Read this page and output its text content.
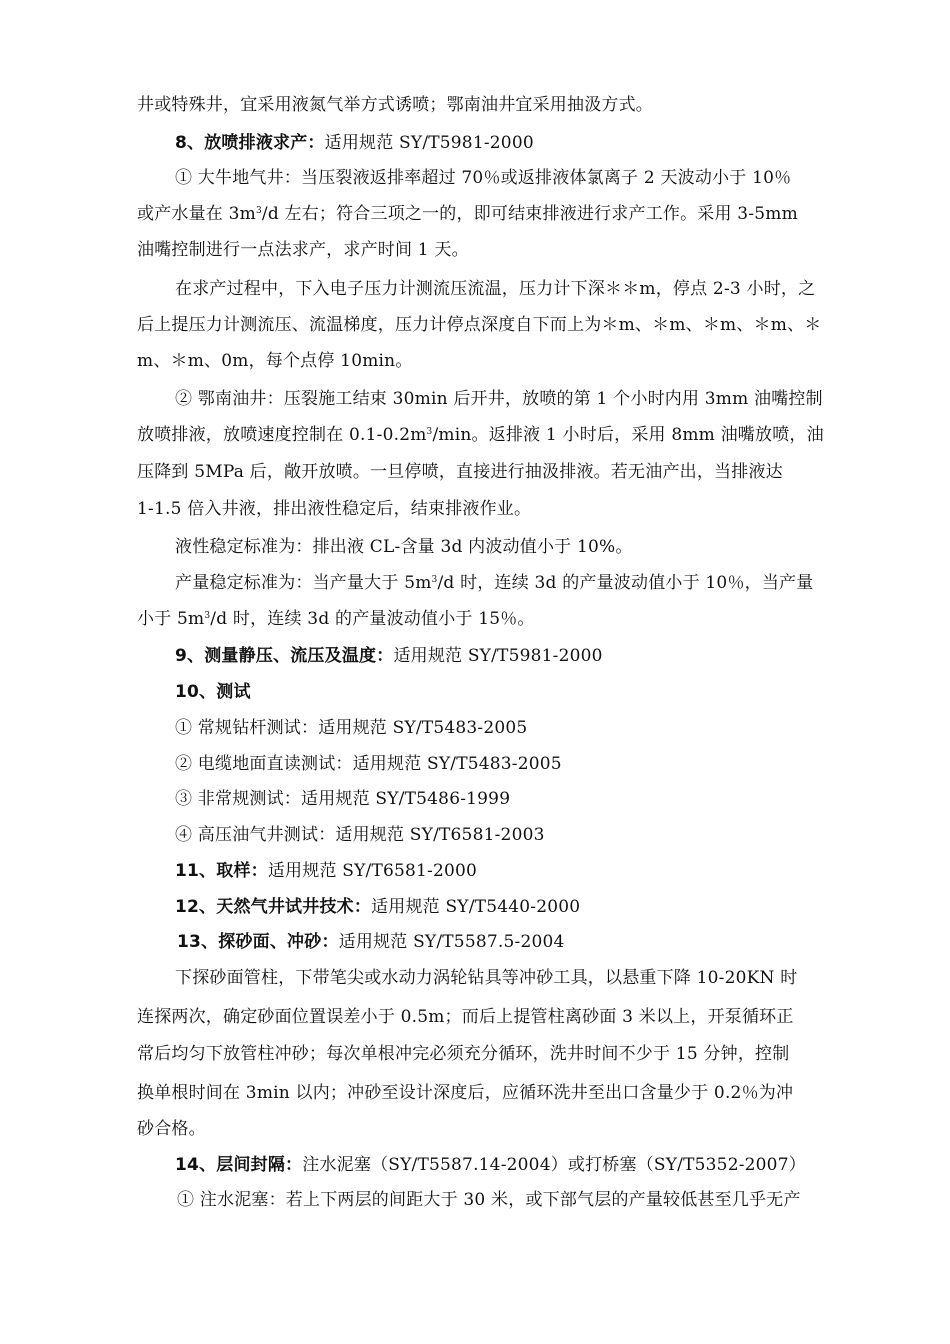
井或特殊井，宜采用液氮气举方式诱喷；鄂南油井宜采用抽汲方式。
8、放喷排液求产：适用规范 SY/T5981-2000
① 大牛地气井：当压裂液返排率超过 70％或返排液体氯离子 2 天波动小于 10％
或产水量在 $3m^3/d$ 左右；符合三项之一的，即可结束排液进行求产工作。采用 3-5mm
油嘴控制进行一点法求产，求产时间 1 天。
在求产过程中，下入电子压力计测流压流温，压力计下深＊＊m，停点 2-3 小时，之
后上提压力计测流压、流温梯度，压力计停点深度自下而上为＊m、＊m、＊m、＊m、＊
m、＊m、0m，每个点停 10min。
② 鄂南油井：压裂施工结束 30min 后开井，放喷的第 1 个小时内用 3mm 油嘴控制
放喷排液，放喷速度控制在 $0.1-0.2m^3/\min$。返排液 1 小时后，采用 8mm 油嘴放喷，油
压降到 5MPa 后，敞开放喷。一旦停喷，直接进行抽汲排液。若无油产出，当排液达
1-1.5 倍入井液，排出液性稳定后，结束排液作业。
液性稳定标准为：排出液 CL-含量 3d 内波动值小于 10%。
产量稳定标准为：当产量大于 $5m^3/d$ 时，连续 3d 的产量波动值小于 10％，当产量
小于 $5m^3/d$ 时，连续 3d 的产量波动值小于 15％。
9、测量静压、流压及温度：适用规范 SY/T5981-2000
10、测试
① 常规钻杆测试：适用规范 SY/T5483-2005
② 电缆地面直读测试：适用规范 SY/T5483-2005
③ 非常规测试：适用规范 SY/T5486-1999
④ 高压油气井测试：适用规范 SY/T6581-2003
11、取样：适用规范 SY/T6581-2000
12、天然气井试井技术：适用规范 SY/T5440-2000
13、探砂面、冲砂：适用规范 SY/T5587.5-2004
下探砂面管柱，下带笔尖或水动力涡轮钻具等冲砂工具，以悬重下降 10-20KN 时
连探两次，确定砂面位置误差小于 0.5m；而后上提管柱离砂面 3 米以上，开泵循环正
常后均匀下放管柱冲砂；每次单根冲完必须充分循环，洗井时间不少于 15 分钟，控制
换单根时间在 3min 以内；冲砂至设计深度后，应循环洗井至出口含量少于 0.2％为冲
砂合格。
14、层间封隔：注水泥塞（SY/T5587.14-2004）或打桥塞（SY/T5352-2007）
① 注水泥塞：若上下两层的间距大于 30 米，或下部气层的产量较低甚至几乎无产
